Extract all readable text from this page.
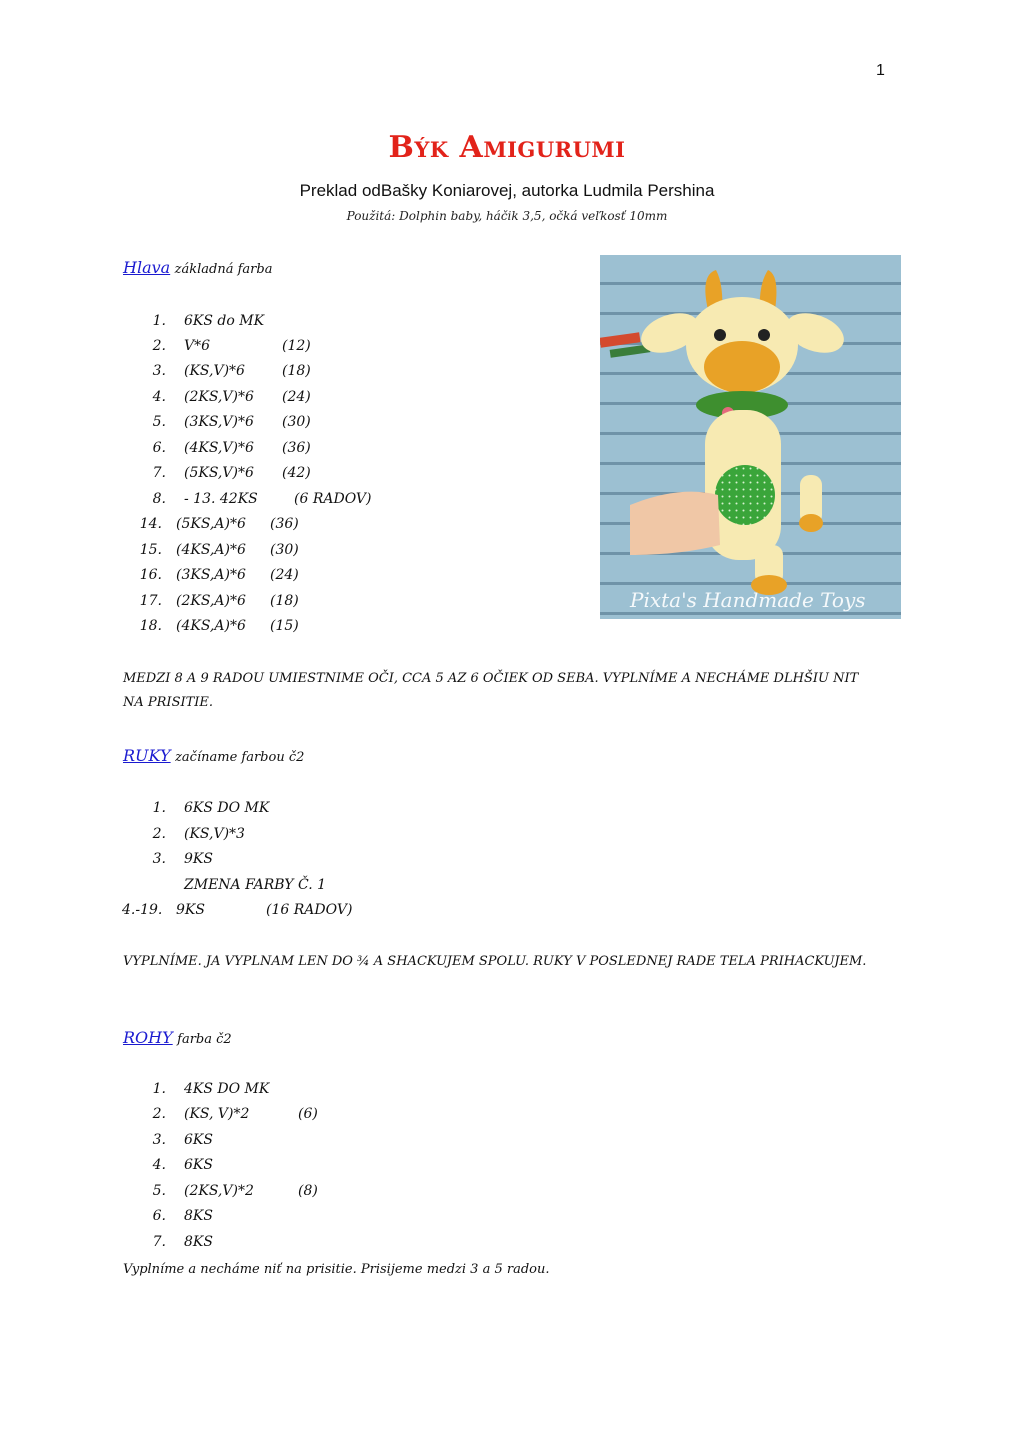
1
Býk Amigurumi
Preklad odBašky Koniarovej, autorka Ludmila Pershina
Použitá: Dolphin baby, háčik 3,5, očká veľkosť 10mm
Hlava základná farba
1. 6KS do MK
2. V*6	(12)
3. (KS,V)*6	(18)
4. (2KS,V)*6 (24)
5. (3KS,V)*6 (30)
6. (4KS,V)*6 (36)
7. (5KS,V)*6 (42)
8. - 13. 42KS	(6 RADOV)
14. (5KS,A)*6 (36)
15. (4KS,A)*6 (30)
16. (3KS,A)*6 (24)
17. (2KS,A)*6 (18)
18. (4KS,A)*6 (15)
MEDZI 8 A 9 RADOU UMIESTNIME OČI, CCA 5 AZ 6 OČIEK OD SEBA. VYPLNÍME A NECHÁME DLHŠIU NIT NA PRISITIE.
Pixta's Handmade Toys
RUKY začíname farbou č2
1. 6KS DO MK
2. (KS,V)*3
3. 9KS
ZMENA FARBY Č. 1
4.-19. 9KS	(16 RADOV)
VYPLNÍME. JA VYPLNAM LEN DO ¾ A SHACKUJEM SPOLU. RUKY V POSLEDNEJ RADE TELA PRIHACKUJEM.
ROHY farba č2
1. 4KS DO MK
2. (KS, V)*2	(6)
3. 6KS
4. 6KS
5. (2KS,V)*2	(8)
6. 8KS
7. 8KS
Vyplníme a necháme niť na prisitie. Prisijeme medzi 3 a 5 radou.
